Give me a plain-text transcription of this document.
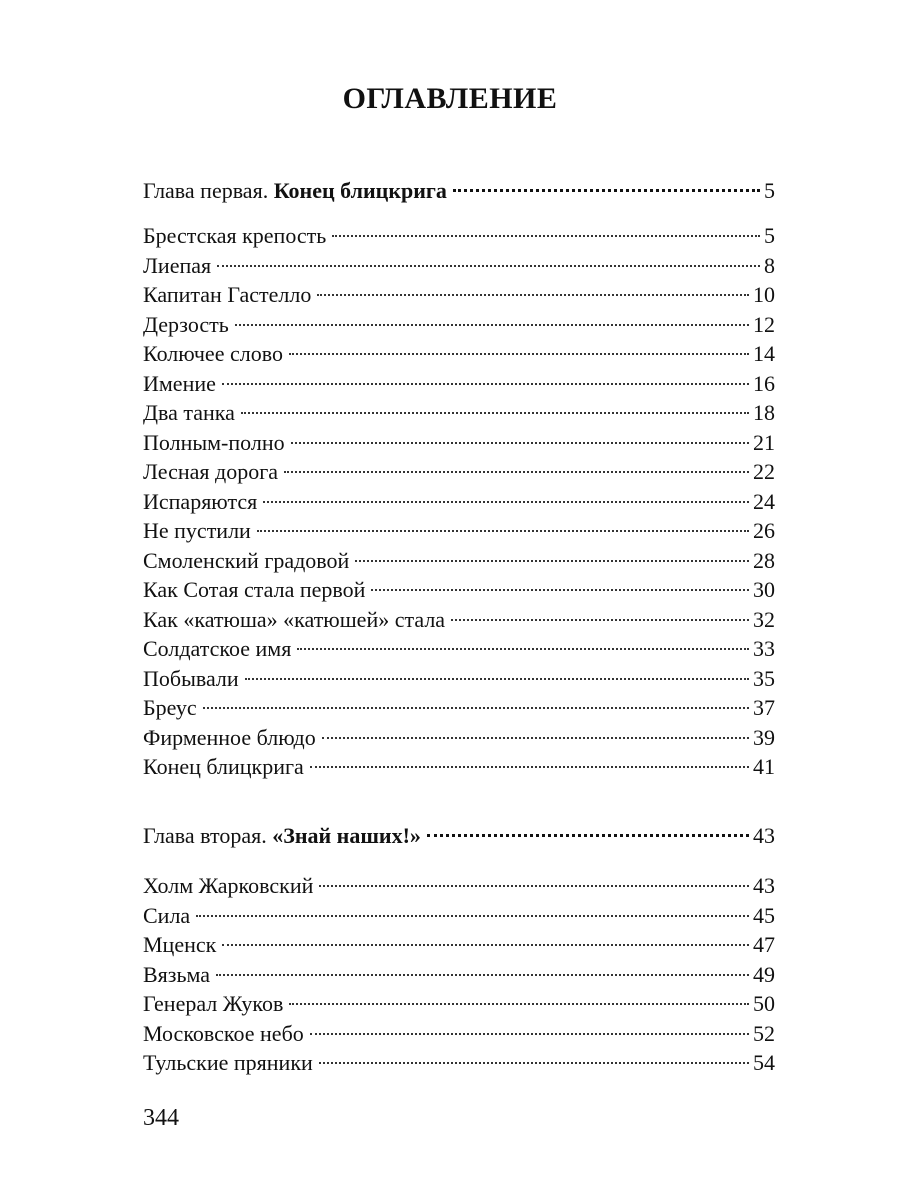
ОГЛАВЛЕНИЕ
Глава первая. Конец блицкрига	5
Брестская крепость	5
Лиепая	8
Капитан Гастелло	10
Дерзость	12
Колючее слово	14
Имение	16
Два танка	18
Полным-полно	21
Лесная дорога	22
Испаряются	24
Не пустили	26
Смоленский градовой	28
Как Сотая стала первой	30
Как «катюша» «катюшей» стала	32
Солдатское имя	33
Побывали	35
Бреус	37
Фирменное блюдо	39
Конец блицкрига	41
Глава вторая. «Знай наших!»	43
Холм Жарковский	43
Сила	45
Мценск	47
Вязьма	49
Генерал Жуков	50
Московское небо	52
Тульские пряники	54
344
